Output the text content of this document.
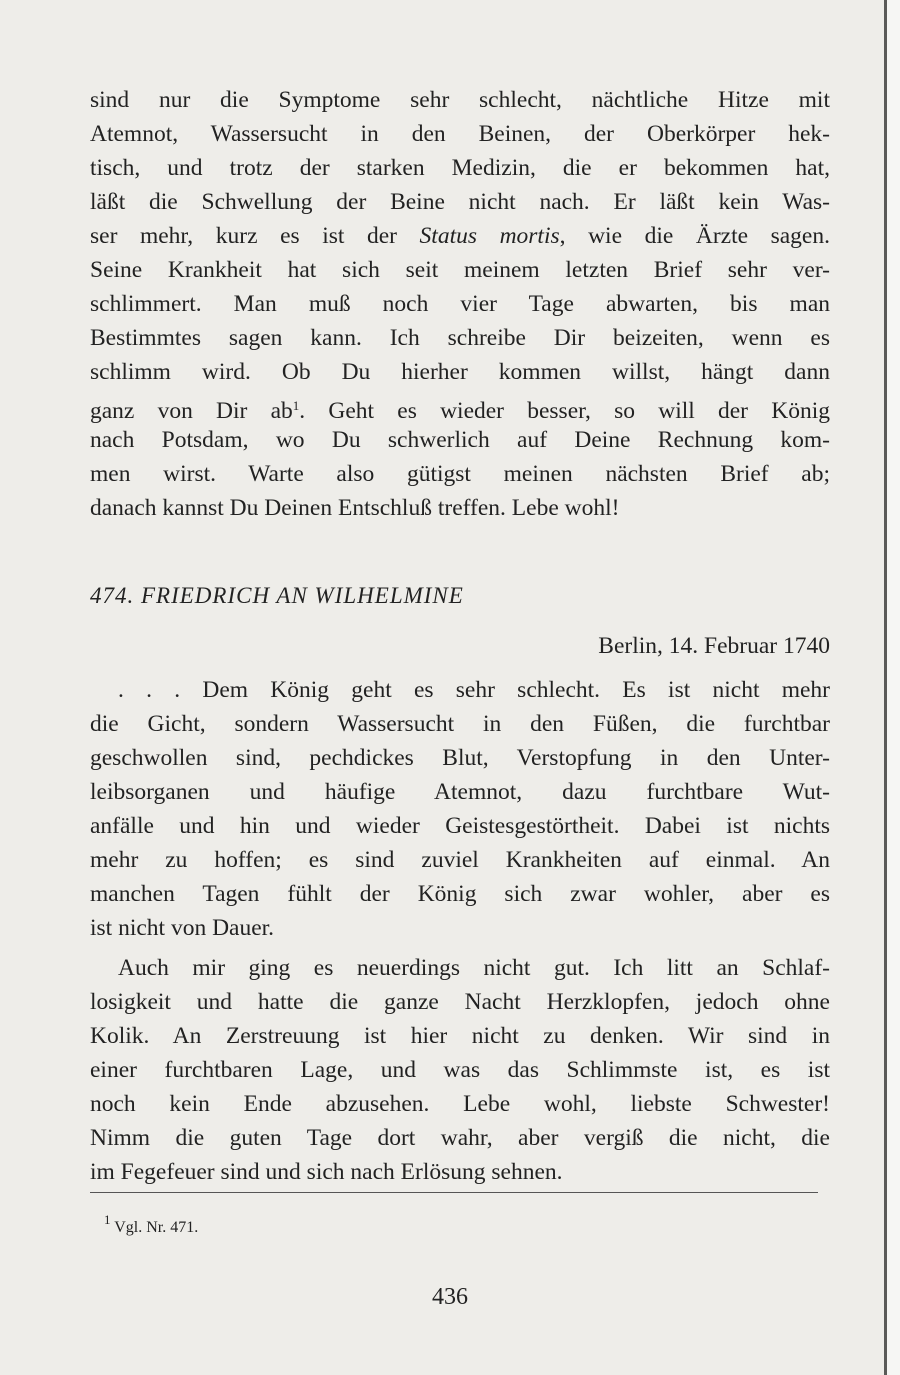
sind nur die Symptome sehr schlecht, nächtliche Hitze mit
Atemnot, Wassersucht in den Beinen, der Oberkörper hek-
tisch, und trotz der starken Medizin, die er bekommen hat,
läßt die Schwellung der Beine nicht nach. Er läßt kein Was-
ser mehr, kurz es ist der Status mortis, wie die Ärzte sagen.
Seine Krankheit hat sich seit meinem letzten Brief sehr ver-
schlimmert. Man muß noch vier Tage abwarten, bis man
Bestimmtes sagen kann. Ich schreibe Dir beizeiten, wenn es
schlimm wird. Ob Du hierher kommen willst, hängt dann
ganz von Dir $ab^1$. Geht es wieder besser, so will der König
nach Potsdam, wo Du schwerlich auf Deine Rechnung kom-
men wirst. Warte also gütigst meinen nächsten Brief ab;
danach kannst Du Deinen Entschluß treffen. Lebe wohl!
474. FRIEDRICH AN WILHELMINE
Berlin, 14. Februar 1740
. . . Dem König geht es sehr schlecht. Es ist nicht mehr
die Gicht, sondern Wassersucht in den Füßen, die furchtbar
geschwollen sind, pechdickes Blut, Verstopfung in den Unter-
leibsorganen und häufige Atemnot, dazu furchtbare Wut-
anfälle und hin und wieder Geistesgestörtheit. Dabei ist nichts
mehr zu hoffen; es sind zuviel Krankheiten auf einmal. An
manchen Tagen fühlt der König sich zwar wohler, aber es
ist nicht von Dauer.
Auch mir ging es neuerdings nicht gut. Ich litt an Schlaf-
losigkeit und hatte die ganze Nacht Herzklopfen, jedoch ohne
Kolik. An Zerstreuung ist hier nicht zu denken. Wir sind in
einer furchtbaren Lage, und was das Schlimmste ist, es ist
noch kein Ende abzusehen. Lebe wohl, liebste Schwester!
Nimm die guten Tage dort wahr, aber vergiß die nicht, die
im Fegefeuer sind und sich nach Erlösung sehnen.
$^1$ Vgl. Nr. 471.
436
